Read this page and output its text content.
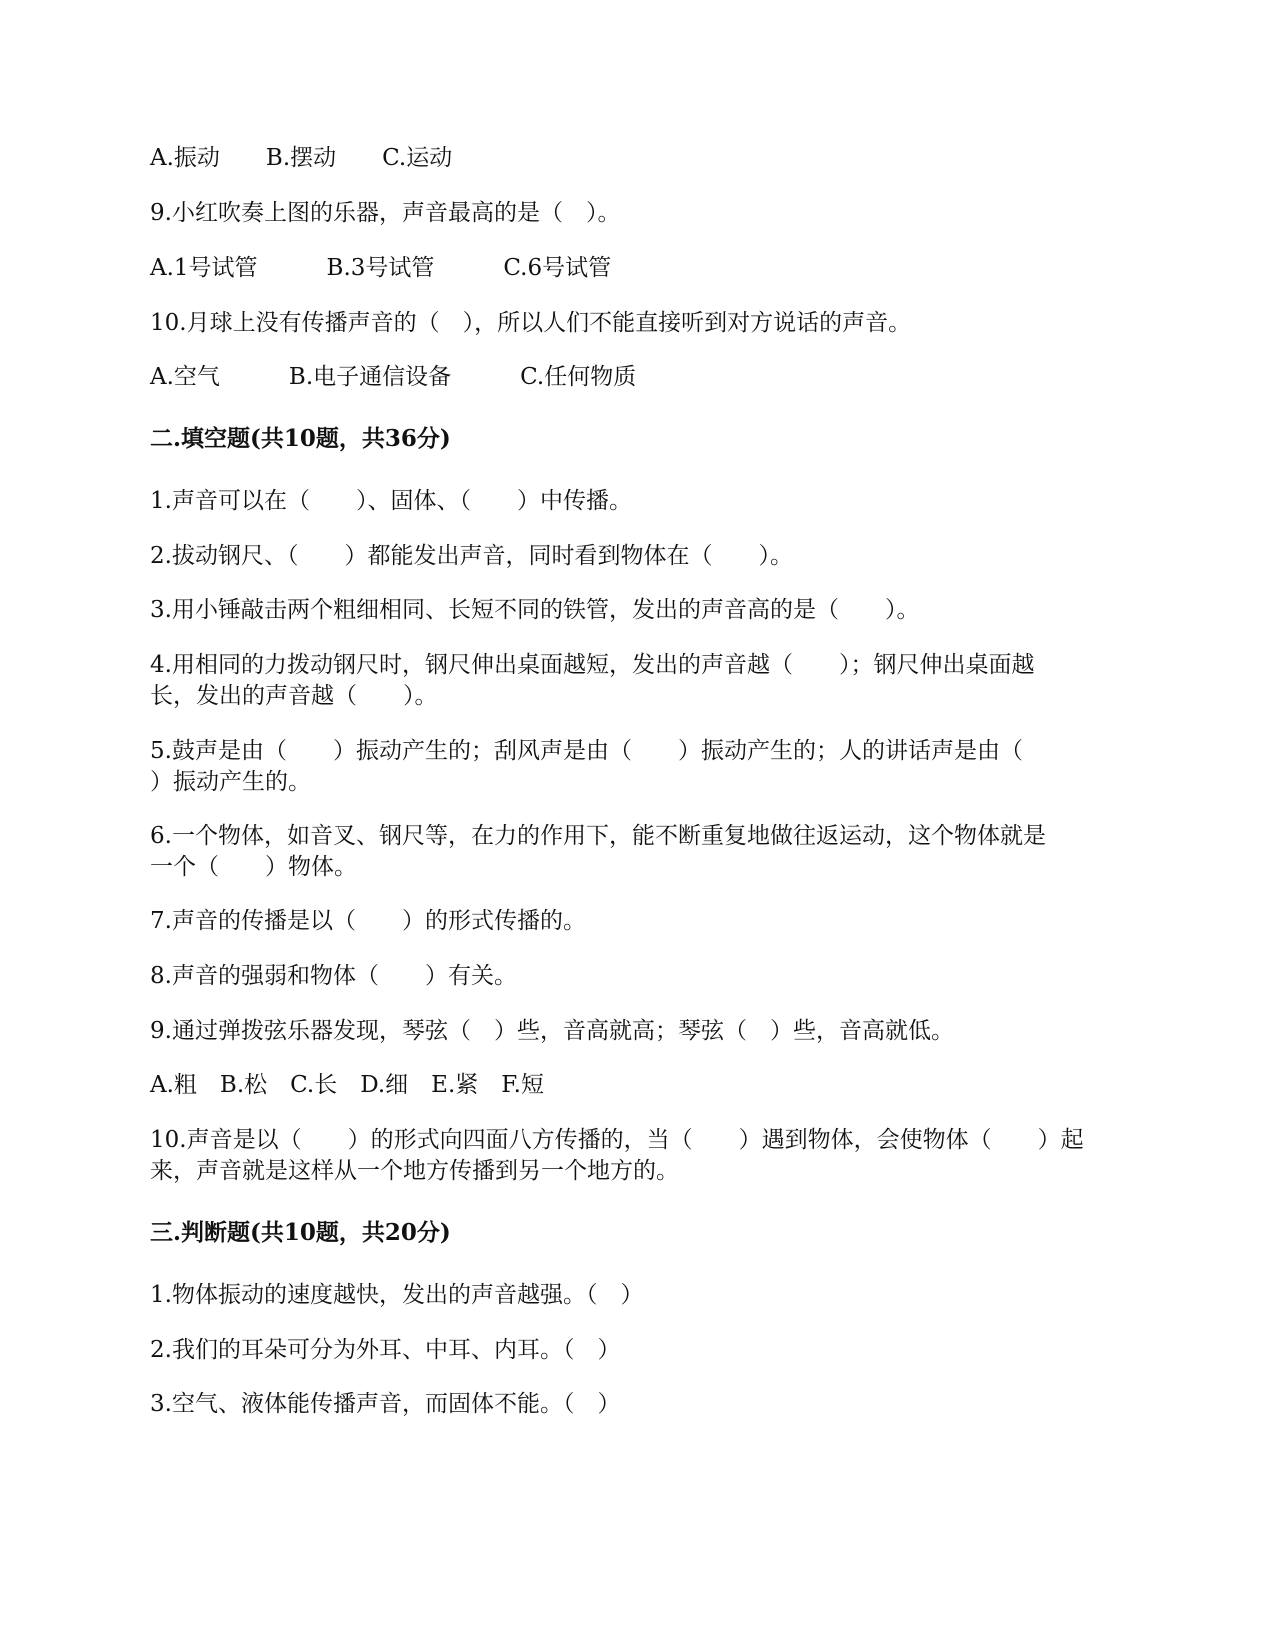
A.振动　　B.摆动　　C.运动
9.小红吹奏上图的乐器，声音最高的是（　）。
A.1号试管　　　B.3号试管　　　C.6号试管
10.月球上没有传播声音的（　），所以人们不能直接听到对方说话的声音。
A.空气　　　B.电子通信设备　　　C.任何物质
二.填空题(共10题，共36分)
1.声音可以在（　　）、固体、（　　）中传播。
2.拔动钢尺、（　　）都能发出声音，同时看到物体在（　　）。
3.用小锤敲击两个粗细相同、长短不同的铁管，发出的声音高的是（　　）。
4.用相同的力拨动钢尺时，钢尺伸出桌面越短，发出的声音越（　　）；钢尺伸出桌面越
长，发出的声音越（　　）。
5.鼓声是由（　　）振动产生的；刮风声是由（　　）振动产生的；人的讲话声是由（
）振动产生的。
6.一个物体，如音叉、钢尺等，在力的作用下，能不断重复地做往返运动，这个物体就是
一个（　　）物体。
7.声音的传播是以（　　）的形式传播的。
8.声音的强弱和物体（　　）有关。
9.通过弹拨弦乐器发现，琴弦（　）些，音高就高；琴弦（　）些，音高就低。
A.粗　B.松　C.长　D.细　E.紧　F.短
10.声音是以（　　）的形式向四面八方传播的，当（　　）遇到物体，会使物体（　　）起
来，声音就是这样从一个地方传播到另一个地方的。
三.判断题(共10题，共20分)
1.物体振动的速度越快，发出的声音越强。（　）
2.我们的耳朵可分为外耳、中耳、内耳。（　）
3.空气、液体能传播声音，而固体不能。（　）
